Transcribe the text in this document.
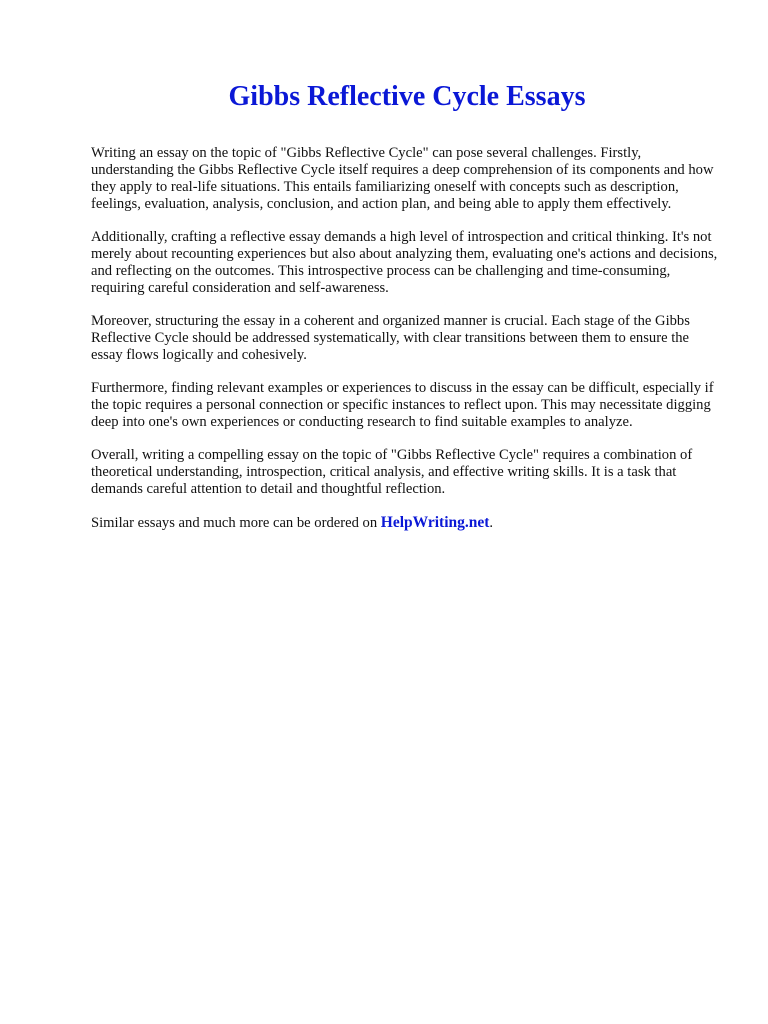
Gibbs Reflective Cycle Essays

Writing an essay on the topic of "Gibbs Reflective Cycle" can pose several challenges. Firstly, understanding the Gibbs Reflective Cycle itself requires a deep comprehension of its components and how they apply to real-life situations. This entails familiarizing oneself with concepts such as description, feelings, evaluation, analysis, conclusion, and action plan, and being able to apply them effectively.

Additionally, crafting a reflective essay demands a high level of introspection and critical thinking. It's not merely about recounting experiences but also about analyzing them, evaluating one's actions and decisions, and reflecting on the outcomes. This introspective process can be challenging and time-consuming, requiring careful consideration and self-awareness.

Moreover, structuring the essay in a coherent and organized manner is crucial. Each stage of the Gibbs Reflective Cycle should be addressed systematically, with clear transitions between them to ensure the essay flows logically and cohesively.

Furthermore, finding relevant examples or experiences to discuss in the essay can be difficult, especially if the topic requires a personal connection or specific instances to reflect upon. This may necessitate digging deep into one's own experiences or conducting research to find suitable examples to analyze.

Overall, writing a compelling essay on the topic of "Gibbs Reflective Cycle" requires a combination of theoretical understanding, introspection, critical analysis, and effective writing skills. It is a task that demands careful attention to detail and thoughtful reflection.

Similar essays and much more can be ordered on HelpWriting.net.
